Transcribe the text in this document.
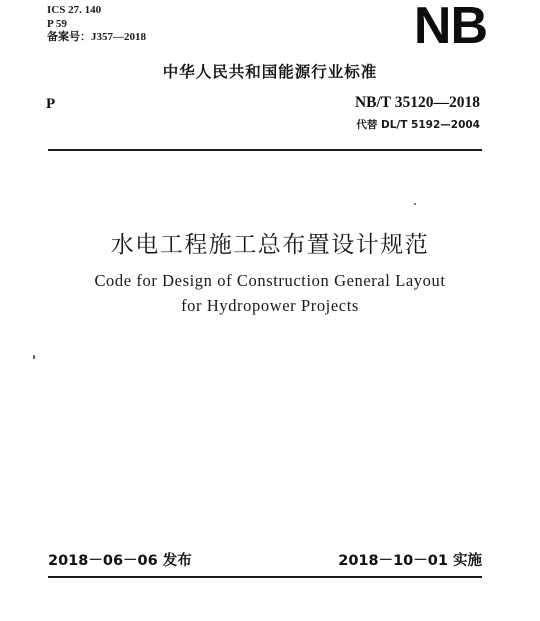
ICS 27. 140
P 59
备案号：J357—2018	NB
中华人民共和国能源行业标准
P	NB/T 35120—2018
代替 DL/T 5192—2004
水电工程施工总布置设计规范
Code for Design of Construction General Layout
for Hydropower Projects
2018－06－06 发布	2018－10－01 实施
